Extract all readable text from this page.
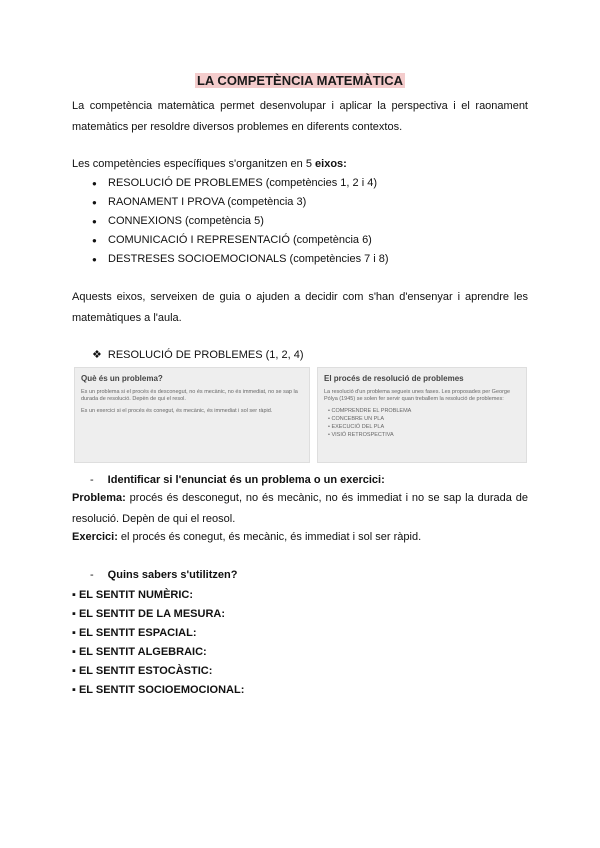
LA COMPETÈNCIA MATEMÀTICA

La competència matemàtica permet desenvolupar i aplicar la perspectiva i el raonament matemàtics per resoldre diversos problemes en diferents contextos.

Les competències específiques s'organitzen en 5 eixos:

● RESOLUCIÓ DE PROBLEMES (competències 1, 2 i 4)
● RAONAMENT I PROVA (competència 3)
● CONNEXIONS (competència 5)
● COMUNICACIÓ I REPRESENTACIÓ (competència 6)
● DESTRESES SOCIOEMOCIONALS (competències 7 i 8)

Aquests eixos, serveixen de guia o ajuden a decidir com s'han d'ensenyar i aprendre les matemàtiques a l'aula.

❖ RESOLUCIÓ DE PROBLEMES (1, 2, 4)
Què és un problema?
Es un problema si el procés és desconegut, no és mecànic, no és immediat, no se sap la durada de resolució. Depèn de qui el resol.
Es un exercici si el procés és conegut, és mecànic, és immediat i sol ser ràpid.
El procés de resolució de problemes
La resolució d'un problema segueix unes fases. Les proposades per George Pólya (1945) se solen fer servir quan treballem la resolució de problemes:
• COMPRENDRE EL PROBLEMA
• CONCEBRE UN PLA
• EXECUCIÓ DEL PLA
• VISIÓ RETROSPECTIVA
- Identificar si l'enunciat és un problema o un exercici:

Problema: procés és desconegut, no és mecànic, no és immediat i no se sap la durada de resolució. Depèn de qui el reosol.

Exercici: el procés és conegut, és mecànic, és immediat i sol ser ràpid.

- Quins sabers s'utilitzen?
▪ EL SENTIT NUMÈRIC:
▪ EL SENTIT DE LA MESURA:
▪ EL SENTIT ESPACIAL:
▪ EL SENTIT ALGEBRAIC:
▪ EL SENTIT ESTOCÀSTIC:
▪ EL SENTIT SOCIOEMOCIONAL:
